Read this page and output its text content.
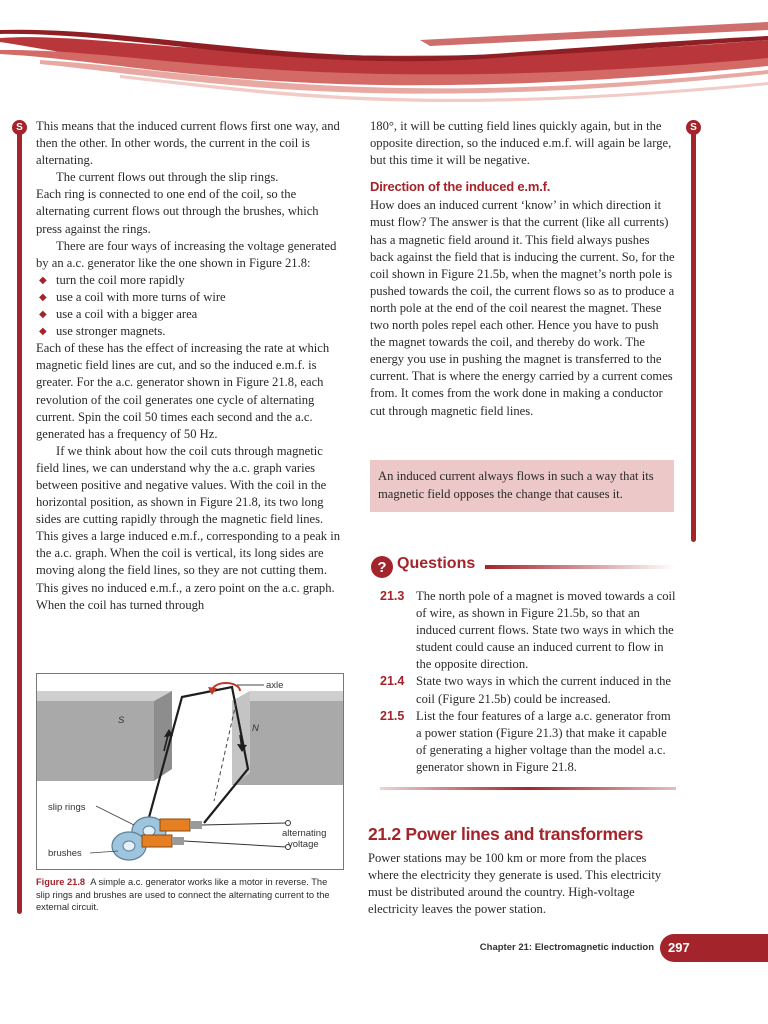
S	S

This means that the induced current flows first one way, and then the other. In other words, the current in the coil is alternating.

The current flows out through the slip rings.

Each ring is connected to one end of the coil, so the alternating current flows out through the brushes, which press against the rings.

There are four ways of increasing the voltage generated by an a.c. generator like the one shown in Figure 21.8:

◆ turn the coil more rapidly
◆ use a coil with more turns of wire
◆ use a coil with a bigger area
◆ use stronger magnets.

Each of these has the effect of increasing the rate at which magnetic field lines are cut, and so the induced e.m.f. is greater. For the a.c. generator shown in Figure 21.8, each revolution of the coil generates one cycle of alternating current. Spin the coil 50 times each second and the a.c. generated has a frequency of 50 Hz.

If we think about how the coil cuts through magnetic field lines, we can understand why the a.c. graph varies between positive and negative values. With the coil in the horizontal position, as shown in Figure 21.8, its two long sides are cutting rapidly through the magnetic field lines. This gives a large induced e.m.f., corresponding to a peak in the a.c. graph. When the coil is vertical, its long sides are moving along the field lines, so they are not cutting them. This gives no induced e.m.f., a zero point on the a.c. graph. When the coil has turned through

180°, it will be cutting field lines quickly again, but in the opposite direction, so the induced e.m.f. will again be large, but this time it will be negative.

Direction of the induced e.m.f.

How does an induced current ‘know’ in which direction it must flow? The answer is that the current (like all currents) has a magnetic field around it. This field always pushes back against the field that is inducing the current. So, for the coil shown in Figure 21.5b, when the magnet’s north pole is pushed towards the coil, the current flows so as to produce a north pole at the end of the coil nearest the magnet. These two north poles repel each other. Hence you have to push the magnet towards the coil, and thereby do work. The energy you use in pushing the magnet is transferred to the current. That is where the energy carried by a current comes from. It comes from the work done in making a conductor cut through magnetic field lines.

An induced current always flows in such a way that its magnetic field opposes the change that causes it.
? Questions
21.3 The north pole of a magnet is moved towards a coil of wire, as shown in Figure 21.5b, so that an induced current flows. State two ways in which the student could cause an induced current to flow in the opposite direction.
21.4 State two ways in which the current induced in the coil (Figure 21.5b) could be increased.
21.5 List the four features of a large a.c. generator from a power station (Figure 21.3) that make it capable of generating a higher voltage than the model a.c. generator shown in Figure 21.8.
21.2 Power lines and transformers
Power stations may be 100 km or more from the places where the electricity they generate is used. This electricity must be distributed around the country. High-voltage electricity leaves the power station.
axle
S
N
slip rings
brushes
alternating
voltage
Figure 21.8 A simple a.c. generator works like a motor in reverse. The slip rings and brushes are used to connect the alternating current to the external circuit.
Chapter 21: Electromagnetic induction 297
